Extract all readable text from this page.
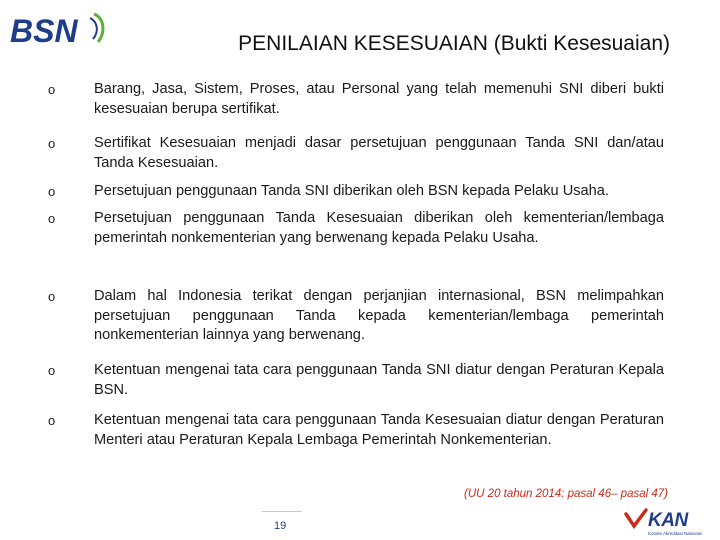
BSN	PENILAIAN KESESUAIAN (Bukti Kesesuaian)
o	Barang, Jasa, Sistem, Proses, atau Personal yang telah memenuhi SNI diberi bukti kesesuaian berupa sertifikat.
o	Sertifikat Kesesuaian menjadi dasar persetujuan penggunaan Tanda SNI dan/atau Tanda Kesesuaian.
o	Persetujuan penggunaan Tanda SNI diberikan oleh BSN kepada Pelaku Usaha.
o	Persetujuan penggunaan Tanda Kesesuaian diberikan oleh kementerian/lembaga pemerintah nonkementerian yang berwenang kepada Pelaku Usaha.
o	Dalam hal Indonesia terikat dengan perjanjian internasional, BSN melimpahkan persetujuan penggunaan Tanda kepada kementerian/lembaga pemerintah nonkementerian lainnya yang berwenang.
o	Ketentuan mengenai tata cara penggunaan Tanda SNI diatur dengan Peraturan Kepala BSN.
o	Ketentuan mengenai tata cara penggunaan Tanda Kesesuaian diatur dengan Peraturan Menteri atau Peraturan Kepala Lembaga Pemerintah Nonkementerian.
(UU 20 tahun 2014: pasal 46– pasal 47)
19	KAN
Komite Akreditasi Nasional
